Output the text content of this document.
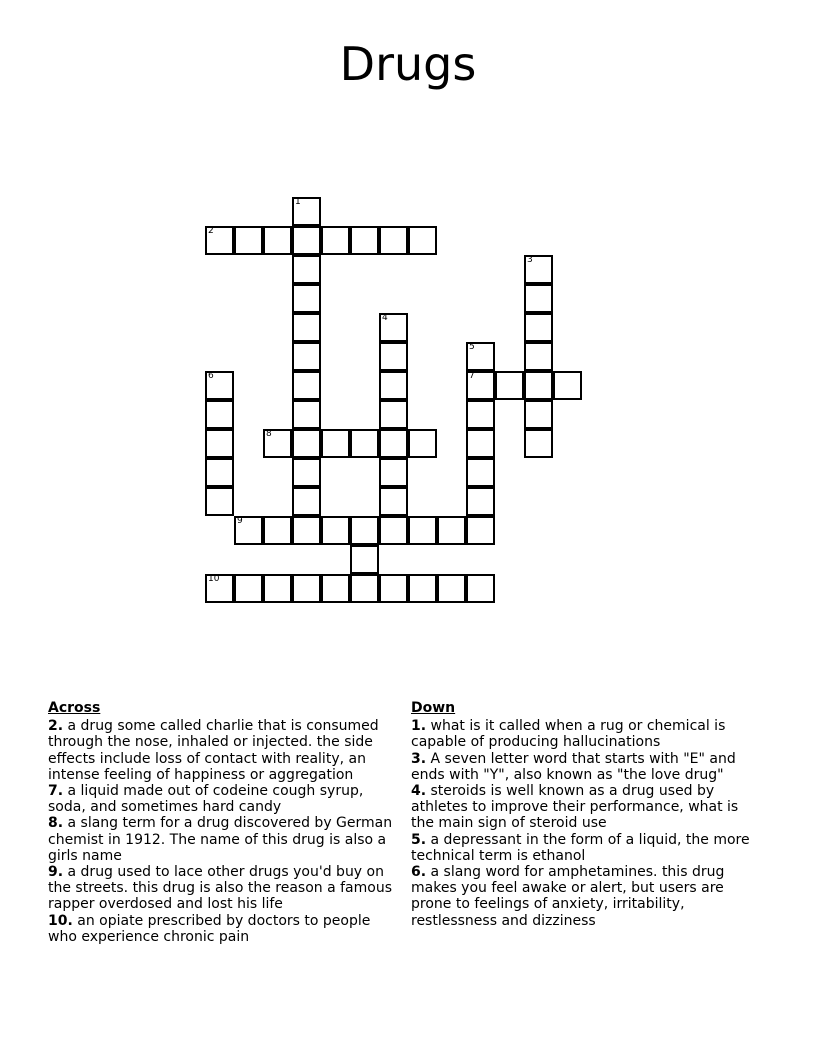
Drugs
1
2
3
4
5
6	7
8
9
10
Across
2. a drug some called charlie that is consumed through the nose, inhaled or injected. the side effects include loss of contact with reality, an intense feeling of happiness or aggregation
7. a liquid made out of codeine cough syrup, soda, and sometimes hard candy
8. a slang term for a drug discovered by German chemist in 1912. The name of this drug is also a girls name
9. a drug used to lace other drugs you'd buy on the streets. this drug is also the reason a famous rapper overdosed and lost his life
10. an opiate prescribed by doctors to people who experience chronic pain
Down
1. what is it called when a rug or chemical is capable of producing hallucinations
3. A seven letter word that starts with "E" and ends with "Y", also known as "the love drug"
4. steroids is well known as a drug used by athletes to improve their performance, what is the main sign of steroid use
5. a depressant in the form of a liquid, the more technical term is ethanol
6. a slang word for amphetamines. this drug makes you feel awake or alert, but users are prone to feelings of anxiety, irritability, restlessness and dizziness
